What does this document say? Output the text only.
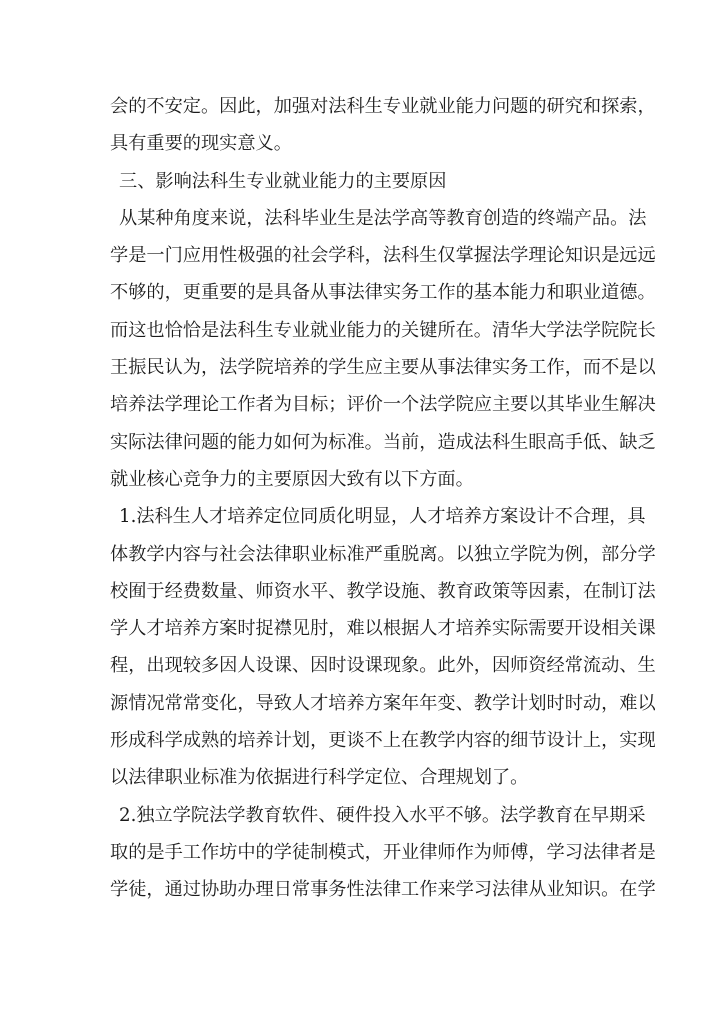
会的不安定。因此，加强对法科生专业就业能力问题的研究和探索，
具有重要的现实意义。
三、影响法科生专业就业能力的主要原因
从某种角度来说，法科毕业生是法学高等教育创造的终端产品。法
学是一门应用性极强的社会学科，法科生仅掌握法学理论知识是远远
不够的，更重要的是具备从事法律实务工作的基本能力和职业道德。
而这也恰恰是法科生专业就业能力的关键所在。清华大学法学院院长
王振民认为，法学院培养的学生应主要从事法律实务工作，而不是以
培养法学理论工作者为目标；评价一个法学院应主要以其毕业生解决
实际法律问题的能力如何为标准。当前，造成法科生眼高手低、缺乏
就业核心竞争力的主要原因大致有以下方面。
1.法科生人才培养定位同质化明显，人才培养方案设计不合理，具
体教学内容与社会法律职业标准严重脱离。以独立学院为例，部分学
校囿于经费数量、师资水平、教学设施、教育政策等因素，在制订法
学人才培养方案时捉襟见肘，难以根据人才培养实际需要开设相关课
程，出现较多因人设课、因时设课现象。此外，因师资经常流动、生
源情况常常变化，导致人才培养方案年年变、教学计划时时动，难以
形成科学成熟的培养计划，更谈不上在教学内容的细节设计上，实现
以法律职业标准为依据进行科学定位、合理规划了。
2.独立学院法学教育软件、硬件投入水平不够。法学教育在早期采
取的是手工作坊中的学徒制模式，开业律师作为师傅，学习法律者是
学徒，通过协助办理日常事务性法律工作来学习法律从业知识。在学
